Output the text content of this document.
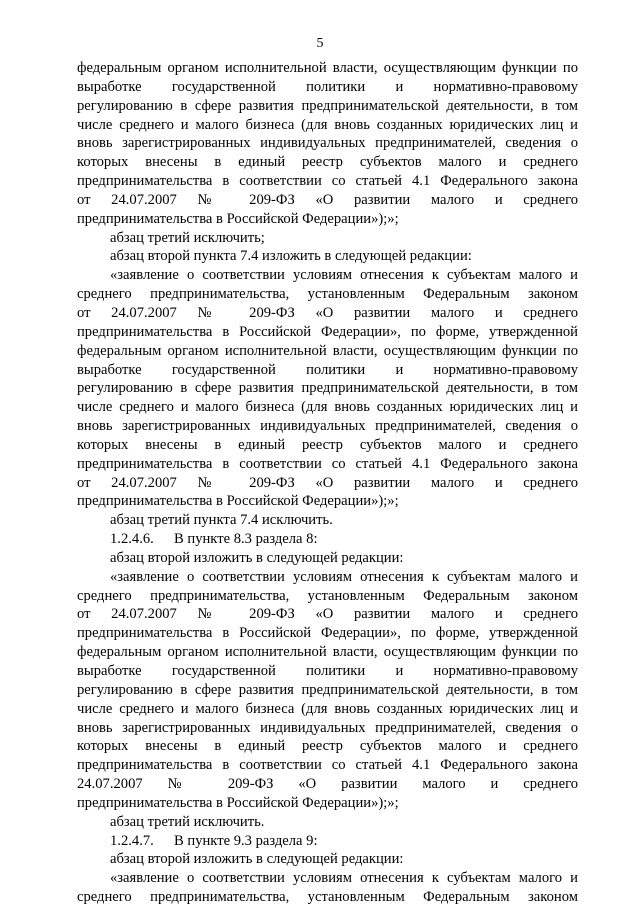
5
федеральным органом исполнительной власти, осуществляющим функции по
выработке государственной политики и нормативно-правовому
регулированию в сфере развития предпринимательской деятельности, в том
числе среднего и малого бизнеса (для вновь созданных юридических лиц и
вновь зарегистрированных индивидуальных предпринимателей, сведения о
которых внесены в единый реестр субъектов малого и среднего
предпринимательства в соответствии со статьей 4.1 Федерального закона
от 24.07.2007 № 209-ФЗ «О развитии малого и среднего
предпринимательства в Российской Федерации»);»;
абзац третий исключить;
абзац второй пункта 7.4 изложить в следующей редакции:
«заявление о соответствии условиям отнесения к субъектам малого и
среднего предпринимательства, установленным Федеральным законом
от 24.07.2007 № 209-ФЗ «О развитии малого и среднего
предпринимательства в Российской Федерации», по форме, утвержденной
федеральным органом исполнительной власти, осуществляющим функции по
выработке государственной политики и нормативно-правовому
регулированию в сфере развития предпринимательской деятельности, в том
числе среднего и малого бизнеса (для вновь созданных юридических лиц и
вновь зарегистрированных индивидуальных предпринимателей, сведения о
которых внесены в единый реестр субъектов малого и среднего
предпринимательства в соответствии со статьей 4.1 Федерального закона
от 24.07.2007 № 209-ФЗ «О развитии малого и среднего
предпринимательства в Российской Федерации»);»;
абзац третий пункта 7.4 исключить.
1.2.4.6. В пункте 8.3 раздела 8:
абзац второй изложить в следующей редакции:
«заявление о соответствии условиям отнесения к субъектам малого и
среднего предпринимательства, установленным Федеральным законом
от 24.07.2007 № 209-ФЗ «О развитии малого и среднего
предпринимательства в Российской Федерации», по форме, утвержденной
федеральным органом исполнительной власти, осуществляющим функции по
выработке государственной политики и нормативно-правовому
регулированию в сфере развития предпринимательской деятельности, в том
числе среднего и малого бизнеса (для вновь созданных юридических лиц и
вновь зарегистрированных индивидуальных предпринимателей, сведения о
которых внесены в единый реестр субъектов малого и среднего
предпринимательства в соответствии со статьей 4.1 Федерального закона
24.07.2007 № 209-ФЗ «О развитии малого и среднего
предпринимательства в Российской Федерации»);»;
абзац третий исключить.
1.2.4.7. В пункте 9.3 раздела 9:
абзац второй изложить в следующей редакции:
«заявление о соответствии условиям отнесения к субъектам малого и
среднего предпринимательства, установленным Федеральным законом
